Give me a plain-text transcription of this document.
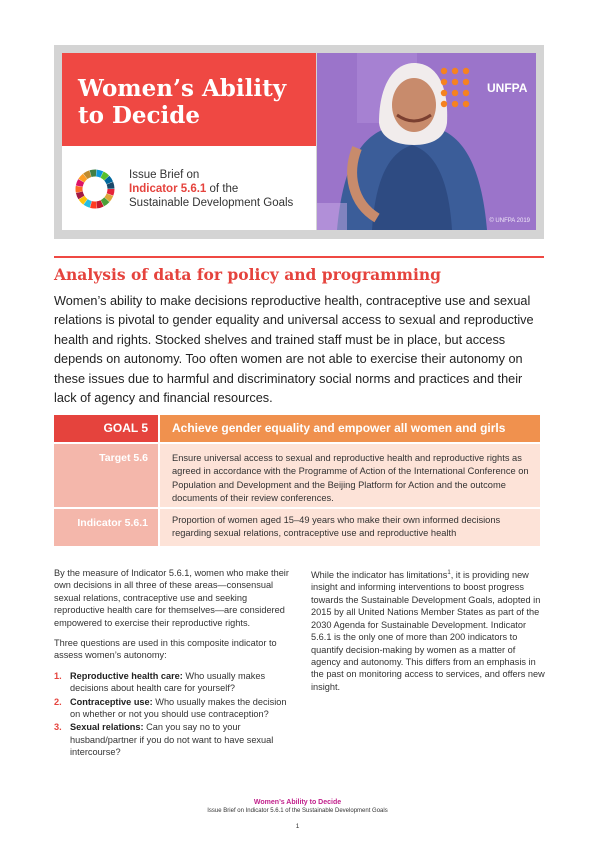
Women’s Ability to Decide
Issue Brief on
Indicator 5.6.1 of the
Sustainable Development Goals
UNFPA
© UNFPA 2019
Analysis of data for policy and programming

Women’s ability to make decisions reproductive health, contraceptive use and sexual relations is pivotal to gender equality and universal access to sexual and reproductive health and rights. Stocked shelves and trained staff must be in place, but access depends on autonomy. Too often women are not able to exercise their autonomy on these issues due to harmful and discriminatory social norms and practices and their lack of agency and financial resources.

GOAL 5	Achieve gender equality and empower all women and girls
Target 5.6	Ensure universal access to sexual and reproductive health and reproductive rights as agreed in accordance with the Programme of Action of the International Conference on Population and Development and the Beijing Platform for Action and the outcome documents of their review conferences.
Indicator 5.6.1	Proportion of women aged 15–49 years who make their own informed decisions regarding sexual relations, contraceptive use and reproductive health

By the measure of Indicator 5.6.1, women who make their own decisions in all three of these areas—consensual sexual relations, contraceptive use and seeking reproductive health care for themselves—are considered empowered to exercise their reproductive rights.

Three questions are used in this composite indicator to assess women’s autonomy:

1. Reproductive health care: Who usually makes decisions about health care for yourself?
2. Contraceptive use: Who usually makes the decision on whether or not you should use contraception?
3. Sexual relations: Can you say no to your husband/partner if you do not want to have sexual intercourse?

While the indicator has limitations$^1$, it is providing new insight and informing interventions to boost progress towards the Sustainable Development Goals, adopted in 2015 by all United Nations Member States as part of the 2030 Agenda for Sustainable Development. Indicator 5.6.1 is the only one of more than 200 indicators to quantify decision-making by women as a matter of agency and autonomy. This differs from an emphasis in the past on monitoring access to services, and offers new insight.

Women’s Ability to Decide
Issue Brief on Indicator 5.6.1 of the Sustainable Development Goals
1
